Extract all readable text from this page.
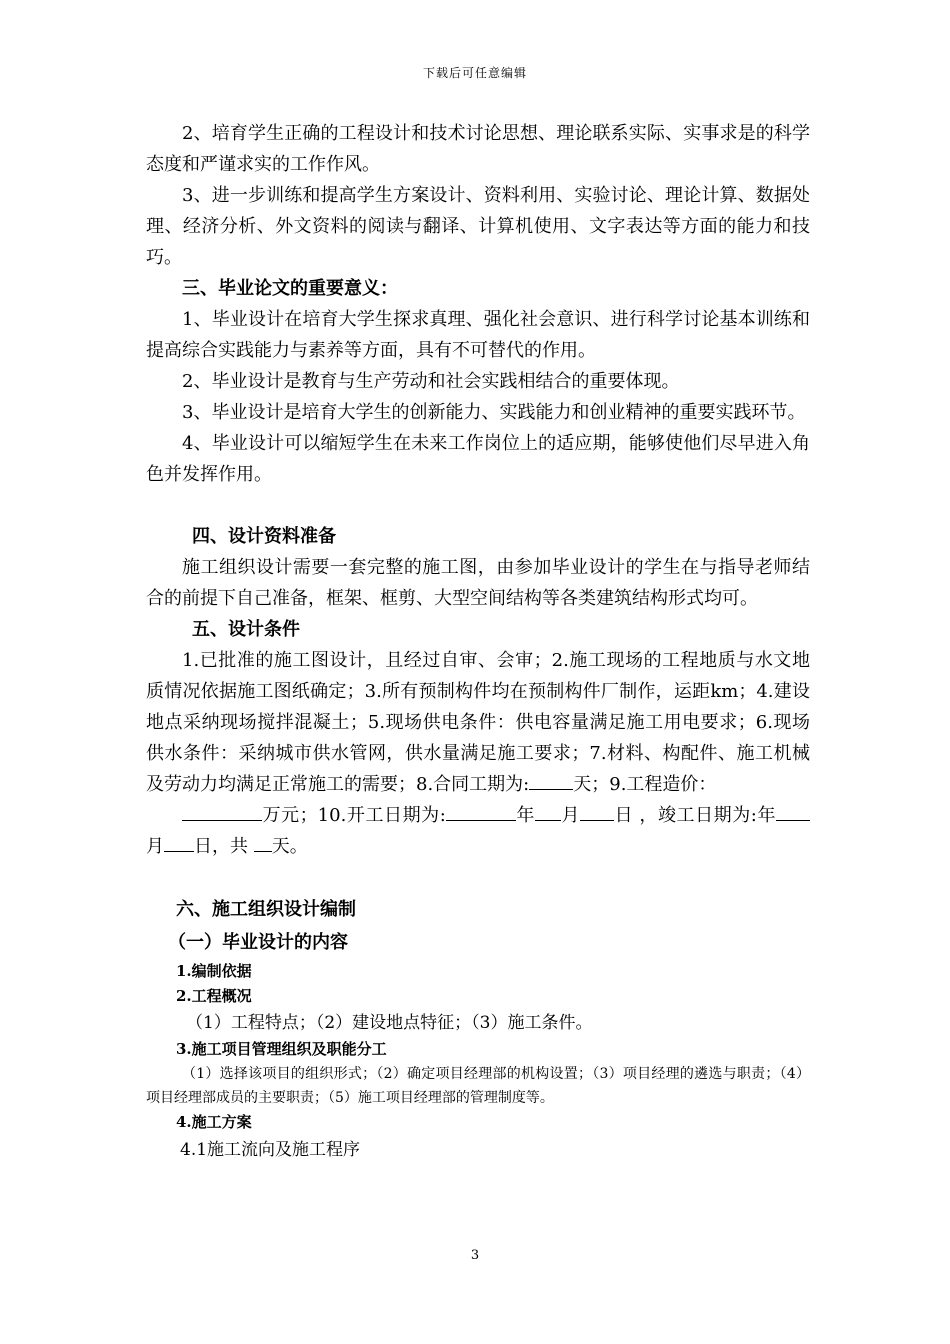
下载后可任意编辑

2、培育学生正确的工程设计和技术讨论思想、理论联系实际、实事求是的科学态度和严谨求实的工作作风。

3、进一步训练和提高学生方案设计、资料利用、实验讨论、理论计算、数据处理、经济分析、外文资料的阅读与翻译、计算机使用、文字表达等方面的能力和技巧。

三、毕业论文的重要意义：

1、毕业设计在培育大学生探求真理、强化社会意识、进行科学讨论基本训练和提高综合实践能力与素养等方面，具有不可替代的作用。

2、毕业设计是教育与生产劳动和社会实践相结合的重要体现。

3、毕业设计是培育大学生的创新能力、实践能力和创业精神的重要实践环节。

4、毕业设计可以缩短学生在未来工作岗位上的适应期，能够使他们尽早进入角色并发挥作用。

四、设计资料准备

施工组织设计需要一套完整的施工图，由参加毕业设计的学生在与指导老师结合的前提下自己准备，框架、框剪、大型空间结构等各类建筑结构形式均可。

五、设计条件

1.已批准的施工图设计，且经过自审、会审；2.施工现场的工程地质与水文地质情况依据施工图纸确定；3.所有预制构件均在预制构件厂制作，运距km；4.建设地点采纳现场搅拌混凝土；5.现场供电条件：供电容量满足施工用电要求；6.现场供水条件：采纳城市供水管网，供水量满足施工要求；7.材料、构配件、施工机械及劳动力均满足正常施工的需要；8.合同工期为: 天；9.工程造价：

万元；10.开工日期为:	年 月 日 ，竣工日期为:年月 日，共 天。

六、施工组织设计编制

（一）毕业设计的内容

1.编制依据

2.工程概况

（1）工程特点；（2）建设地点特征；（3）施工条件。

3.施工项目管理组织及职能分工

（1）选择该项目的组织形式；（2）确定项目经理部的机构设置；（3）项目经理的遴选与职责；（4）项目经理部成员的主要职责；（5）施工项目经理部的管理制度等。

4.施工方案

4.1施工流向及施工程序

3
